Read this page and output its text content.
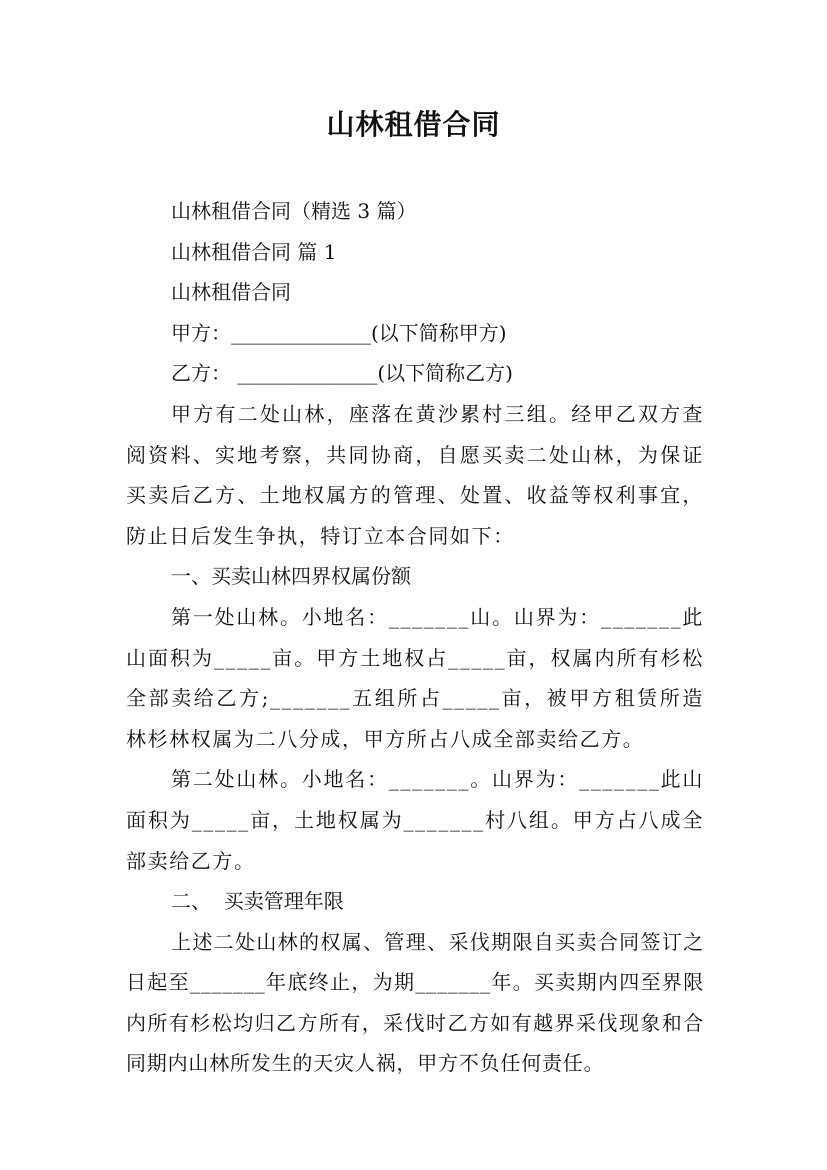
山林租借合同
山林租借合同（精选 3 篇）
山林租借合同 篇 1
山林租借合同
甲方：______________(以下简称甲方)
乙方： ______________(以下简称乙方)
甲方有二处山林，座落在黄沙累村三组。经甲乙双方查阅资料、实地考察，共同协商，自愿买卖二处山林，为保证买卖后乙方、土地权属方的管理、处置、收益等权利事宜，防止日后发生争执，特订立本合同如下：
一、买卖山林四界权属份额
第一处山林。小地名：_______山。山界为：_______此山面积为_____亩。甲方土地权占_____亩，权属内所有杉松全部卖给乙方;_______五组所占_____亩，被甲方租赁所造林杉林权属为二八分成，甲方所占八成全部卖给乙方。
第二处山林。小地名：_______。山界为：_______此山面积为_____亩，土地权属为_______村八组。甲方占八成全部卖给乙方。
二、  买卖管理年限
上述二处山林的权属、管理、采伐期限自买卖合同签订之日起至_______年底终止，为期_______年。买卖期内四至界限内所有杉松均归乙方所有，采伐时乙方如有越界采伐现象和合同期内山林所发生的天灾人祸，甲方不负任何责任。
